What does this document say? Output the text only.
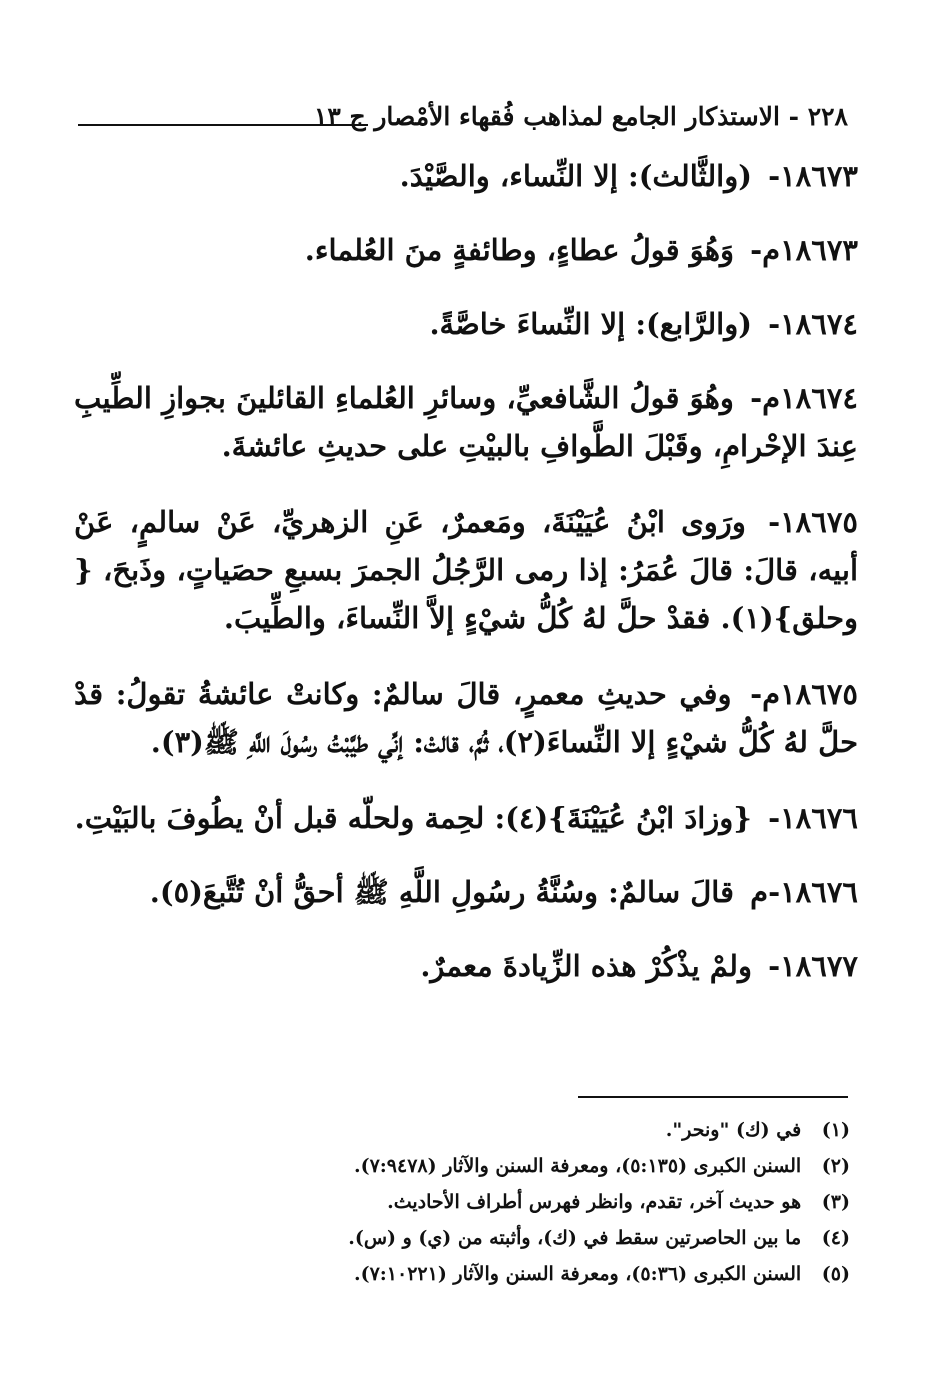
٢٢٨ - الاستذكار الجامع لمذاهب فُقهاء الأمْصار ج ١٣

١٨٦٧٣- (والثَّالث): إلا النِّساء، والصَّيْدَ.

١٨٦٧٣م- وَهُوَ قولُ عطاءٍ، وطائفةٍ منَ العُلماء.

١٨٦٧٤- (والرَّابع): إلا النِّساءَ خاصَّةً.

١٨٦٧٤م- وهُوَ قولُ الشَّافعيِّ، وسائرِ العُلماءِ القائلينَ بجوازِ الطِّيبِ عِندَ الإحْرامِ، وقَبْلَ الطَّوافِ بالبيْتِ على حديثِ عائشةَ.

١٨٦٧٥- ورَوى ابْنُ عُيَيْنَةَ، ومَعمرٌ، عَنِ الزهريِّ، عَنْ سالمٍ، عَنْ أبيه، قالَ: قالَ عُمَرُ: إذا رمى الرَّجُلُ الجمرَ بسبعِ حصَياتٍ، وذَبحَ، { وحلق}(١). فقدْ حلَّ لهُ كُلُّ شيْءٍ إلاَّ النِّساءَ، والطِّيبَ.

١٨٦٧٥م- وفي حديثِ معمرٍ، قالَ سالمٌ: وكانتْ عائشةُ تقولُ: قدْ حلَّ لهُ كُلُّ شيْءٍ إلا النِّساءَ(٢)، ثُمَّ، قالتْ: إنِّي طيَّبْتُ رسُولَ اللَّهِ ﷺ(٣).

١٨٦٧٦- {وزادَ ابْنُ عُيَيْنَةَ}(٤): لحِمة ولحلّه قبل أنْ يطُوفَ بالبَيْتِ.

١٨٦٧٦-م قالَ سالمٌ: وسُنَّةُ رسُولِ اللَّهِ ﷺ أحقُّ أنْ تُتَّبعَ(٥).

١٨٦٧٧- ولمْ يذْكُرْ هذه الزِّيادةَ معمرٌ.

(١) في (ك) "ونحر".
(٢) السنن الكبرى (٥:١٣٥)، ومعرفة السنن والآثار (٧:٩٤٧٨).
(٣) هو حديث آخر، تقدم، وانظر فهرس أطراف الأحاديث.
(٤) ما بين الحاصرتين سقط في (ك)، وأثبته من (ي) و (س).
(٥) السنن الكبرى (٥:٣٦)، ومعرفة السنن والآثار (٧:١٠٢٢١).
